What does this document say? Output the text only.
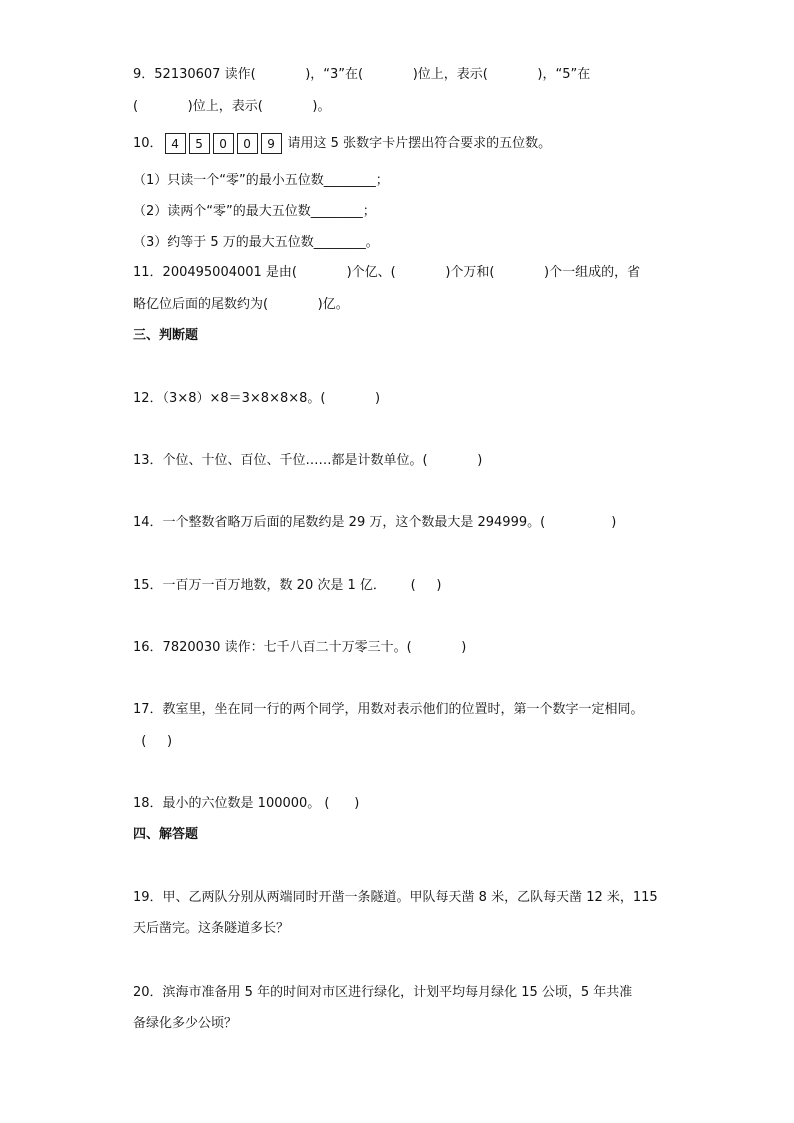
9．52130607 读作(            )，“3”在(            )位上，表示(            )，“5”在
(            )位上，表示(            )。
10． 4	5	0	0	9 请用这 5 张数字卡片摆出符合要求的五位数。
（1）只读一个“零”的最小五位数________；
（2）读两个“零”的最大五位数________；
（3）约等于 5 万的最大五位数________。
11．200495004001 是由(            )个亿、(            )个万和(            )个一组成的，省
略亿位后面的尾数约为(            )亿。
三、判断题
12．（3×8）×8＝3×8×8×8。(            )
13．个位、十位、百位、千位……都是计数单位。(            )
14．一个整数省略万后面的尾数约是 29 万，这个数最大是 294999。(                )
15．一百万一百万地数，数 20 次是 1 亿．      (     )
16．7820030 读作：七千八百二十万零三十。(            )
17．教室里，坐在同一行的两个同学，用数对表示他们的位置时，第一个数字一定相同。
(     )
18．最小的六位数是 100000。 (      )
四、解答题
19．甲、乙两队分别从两端同时开凿一条隧道。甲队每天凿 8 米，乙队每天凿 12 米，115
天后凿完。这条隧道多长？
20．滨海市准备用 5 年的时间对市区进行绿化，计划平均每月绿化 15 公顷，5 年共准
备绿化多少公顷？
